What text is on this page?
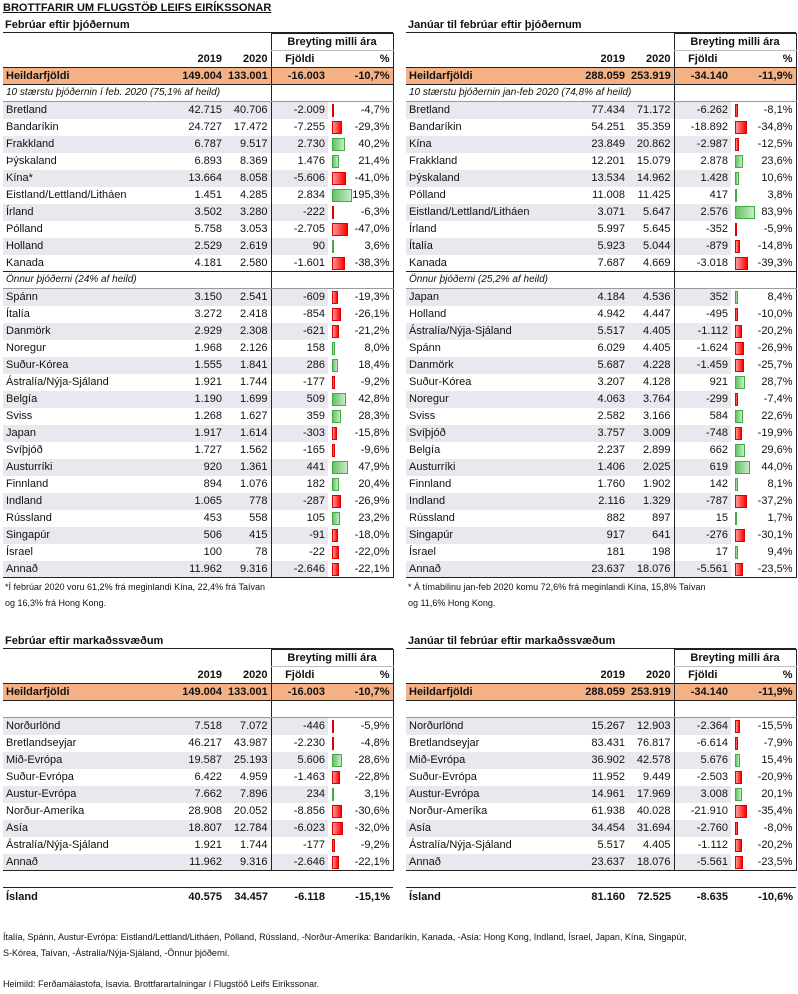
BROTTFARIR UM FLUGSTÖÐ LEIFS EIRÍKSSONAR
Febrúar eftir þjóðernum
			Breyting milli ára	
	2019	2020	Fjöldi	%
Heildarfjöldi	149.004	133.001	-16.003	-10,7%
10 stærstu þjóðernin í feb. 2020 (75,1% af heild)				
Bretland	42.715	40.706	-2.009	-4,7%

Bandaríkin	24.727	17.472	-7.255	-29,3%

Frakkland	6.787	9.517	2.730	40,2%

Þýskaland	6.893	8.369	1.476	21,4%

Kína*	13.664	8.058	-5.606	-41,0%

Eistland/Lettland/Litháen	1.451	4.285	2.834	195,3%

Írland	3.502	3.280	-222	-6,3%

Pólland	5.758	3.053	-2.705	-47,0%

Holland	2.529	2.619	90	3,6%

Kanada	4.181	2.580	-1.601	-38,3%

Önnur þjóðerni (24% af heild)				
Spánn	3.150	2.541	-609	-19,3%

Ítalía	3.272	2.418	-854	-26,1%

Danmörk	2.929	2.308	-621	-21,2%

Noregur	1.968	2.126	158	8,0%

Suður-Kórea	1.555	1.841	286	18,4%

Ástralía/Nýja-Sjáland	1.921	1.744	-177	-9,2%

Belgía	1.190	1.699	509	42,8%

Sviss	1.268	1.627	359	28,3%

Japan	1.917	1.614	-303	-15,8%

Svíþjóð	1.727	1.562	-165	-9,6%

Austurríki	920	1.361	441	47,9%

Finnland	894	1.076	182	20,4%

Indland	1.065	778	-287	-26,9%

Rússland	453	558	105	23,2%

Singapúr	506	415	-91	-18,0%

Ísrael	100	78	-22	-22,0%

Annað	11.962	9.316	-2.646	-22,1%
*Í febrúar 2020 voru 61,2% frá meginlandi Kína, 22,4% frá Taívan
og 16,3% frá Hong Kong.
Janúar til febrúar eftir þjóðernum
			Breyting milli ára	
	2019	2020	Fjöldi	%
Heildarfjöldi	288.059	253.919	-34.140	-11,9%
10 stærstu þjóðernin jan-feb 2020 (74,8% af heild)				
Bretland	77.434	71.172	-6.262	-8,1%

Bandaríkin	54.251	35.359	-18.892	-34,8%

Kína	23.849	20.862	-2.987	-12,5%

Frakkland	12.201	15.079	2.878	23,6%

Þýskaland	13.534	14.962	1.428	10,6%

Pólland	11.008	11.425	417	3,8%

Eistland/Lettland/Litháen	3.071	5.647	2.576	83,9%

Írland	5.997	5.645	-352	-5,9%

Ítalía	5.923	5.044	-879	-14,8%

Kanada	7.687	4.669	-3.018	-39,3%

Önnur þjóðerni (25,2% af heild)				
Japan	4.184	4.536	352	8,4%

Holland	4.942	4.447	-495	-10,0%

Ástralía/Nýja-Sjáland	5.517	4.405	-1.112	-20,2%

Spánn	6.029	4.405	-1.624	-26,9%

Danmörk	5.687	4.228	-1.459	-25,7%

Suður-Kórea	3.207	4.128	921	28,7%

Noregur	4.063	3.764	-299	-7,4%

Sviss	2.582	3.166	584	22,6%

Svíþjóð	3.757	3.009	-748	-19,9%

Belgía	2.237	2.899	662	29,6%

Austurríki	1.406	2.025	619	44,0%

Finnland	1.760	1.902	142	8,1%

Indland	2.116	1.329	-787	-37,2%

Rússland	882	897	15	1,7%

Singapúr	917	641	-276	-30,1%

Ísrael	181	198	17	9,4%

Annað	23.637	18.076	-5.561	-23,5%
* Á tímabilinu jan-feb 2020 komu 72,6% frá meginlandi Kína, 15,8% Taívan
og 11,6% Hong Kong.
Febrúar eftir markaðssvæðum
			Breyting milli ára	
	2019	2020	Fjöldi	%
Heildarfjöldi	149.004	133.001	-16.003	-10,7%

Norðurlönd	7.518	7.072	-446	-5,9%

Bretlandseyjar	46.217	43.987	-2.230	-4,8%

Mið-Evrópa	19.587	25.193	5.606	28,6%

Suður-Evrópa	6.422	4.959	-1.463	-22,8%

Austur-Evrópa	7.662	7.896	234	3,1%

Norður-Ameríka	28.908	20.052	-8.856	-30,6%

Asía	18.807	12.784	-6.023	-32,0%

Ástralía/Nýja-Sjáland	1.921	1.744	-177	-9,2%

Annað	11.962	9.316	-2.646	-22,1%

Ísland	40.575	34.457	-6.118	-15,1%
Janúar til febrúar eftir markaðssvæðum
			Breyting milli ára	
	2019	2020	Fjöldi	%
Heildarfjöldi	288.059	253.919	-34.140	-11,9%

Norðurlönd	15.267	12.903	-2.364	-15,5%

Bretlandseyjar	83.431	76.817	-6.614	-7,9%

Mið-Evrópa	36.902	42.578	5.676	15,4%

Suður-Evrópa	11.952	9.449	-2.503	-20,9%

Austur-Evrópa	14.961	17.969	3.008	20,1%

Norður-Ameríka	61.938	40.028	-21.910	-35,4%

Asía	34.454	31.694	-2.760	-8,0%

Ástralía/Nýja-Sjáland	5.517	4.405	-1.112	-20,2%

Annað	23.637	18.076	-5.561	-23,5%

Ísland	81.160	72.525	-8.635	-10,6%
Ítalía, Spánn, Austur-Evrópa: Eistland/Lettland/Litháen, Pólland, Rússland, -Norður-Ameríka: Bandaríkin, Kanada, -Asía: Hong Kong, Indland, Ísrael, Japan, Kína, Singapúr,
S-Kórea, Taívan, -Ástralía/Nýja-Sjáland, -Önnur þjóðerni.
Heimild: Ferðamálastofa, Isavia. Brottfarartalningar í Flugstöð Leifs Eiríkssonar.
